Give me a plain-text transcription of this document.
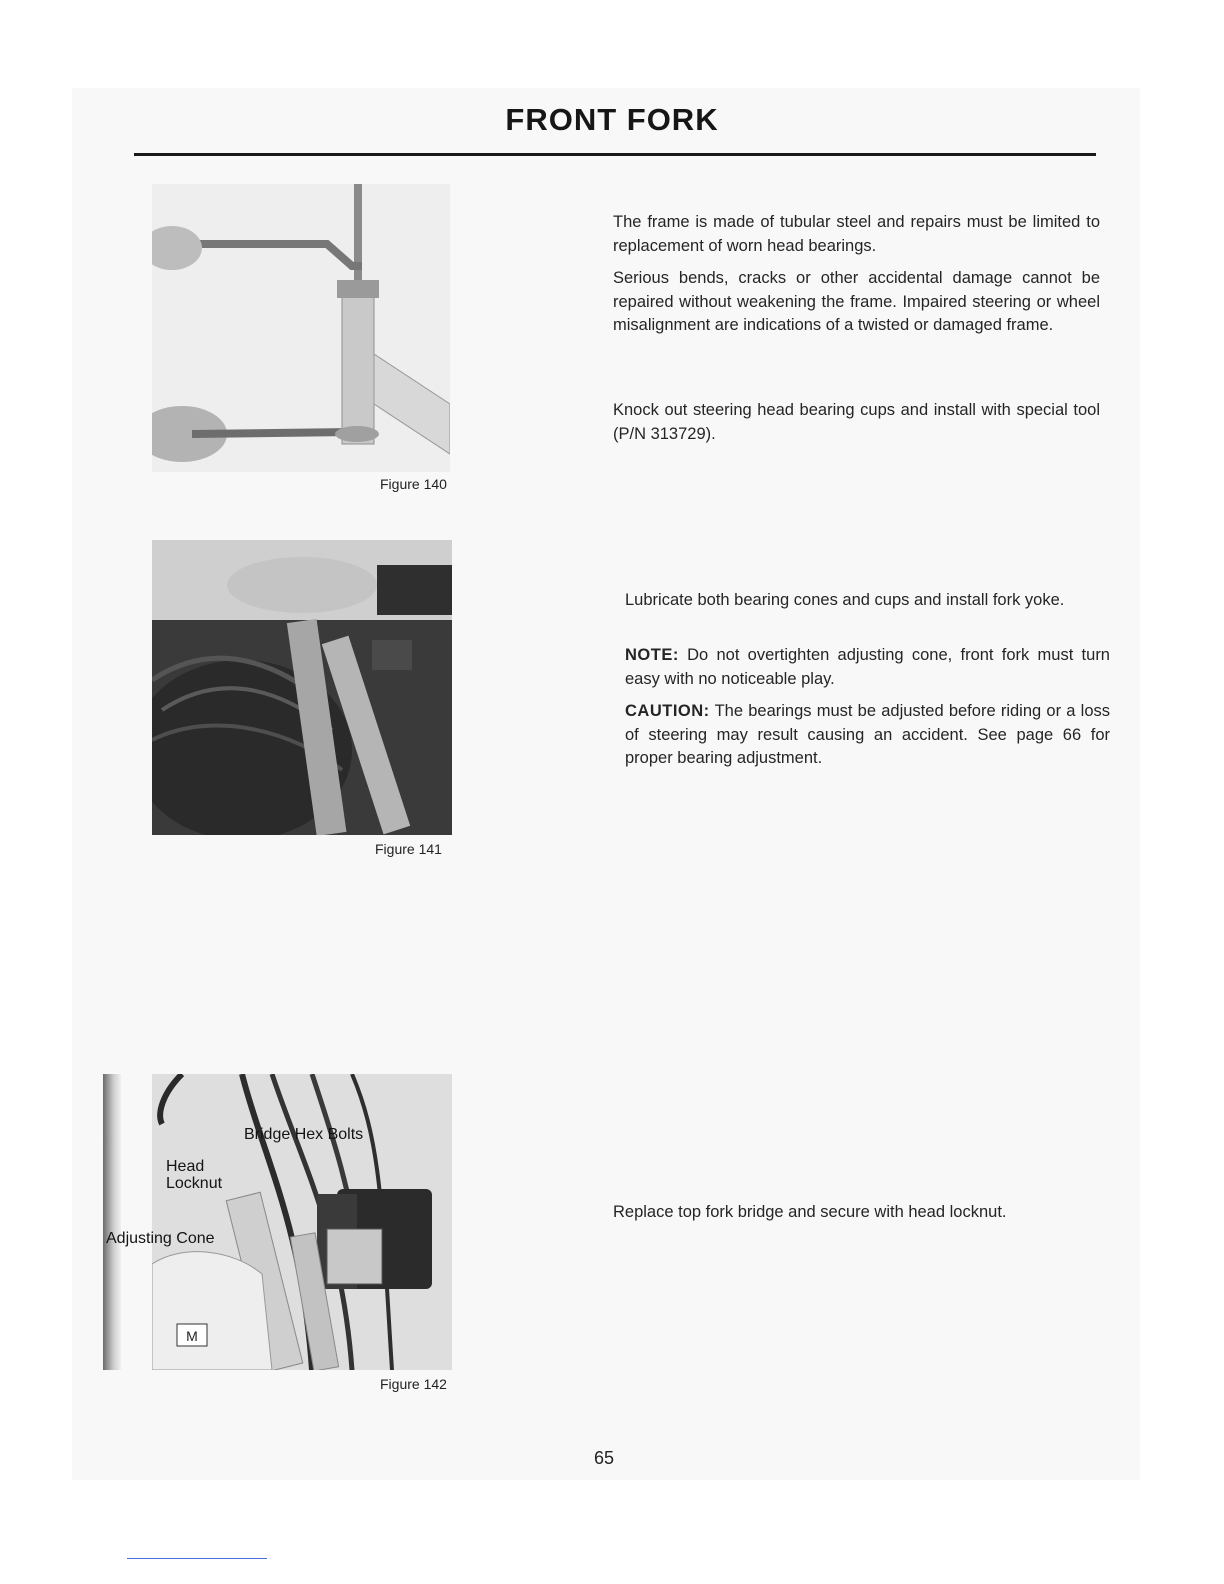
FRONT FORK
Figure 140
Figure 141
M
Bridge Hex Bolts
Head
Locknut
Adjusting Cone
Figure 142

The frame is made of tubular steel and repairs must be limited to replacement of worn head bearings.

Serious bends, cracks or other accidental damage cannot be repaired without weakening the frame. Impaired steering or wheel misalignment are indications of a twisted or damaged frame.

Knock out steering head bearing cups and install with special tool (P/N 313729).

Lubricate both bearing cones and cups and install fork yoke.

NOTE: Do not overtighten adjusting cone, front fork must turn easy with no noticeable play.

CAUTION: The bearings must be adjusted before riding or a loss of steering may result causing an accident. See page 66 for proper bearing adjustment.

Replace top fork bridge and secure with head locknut.

65
